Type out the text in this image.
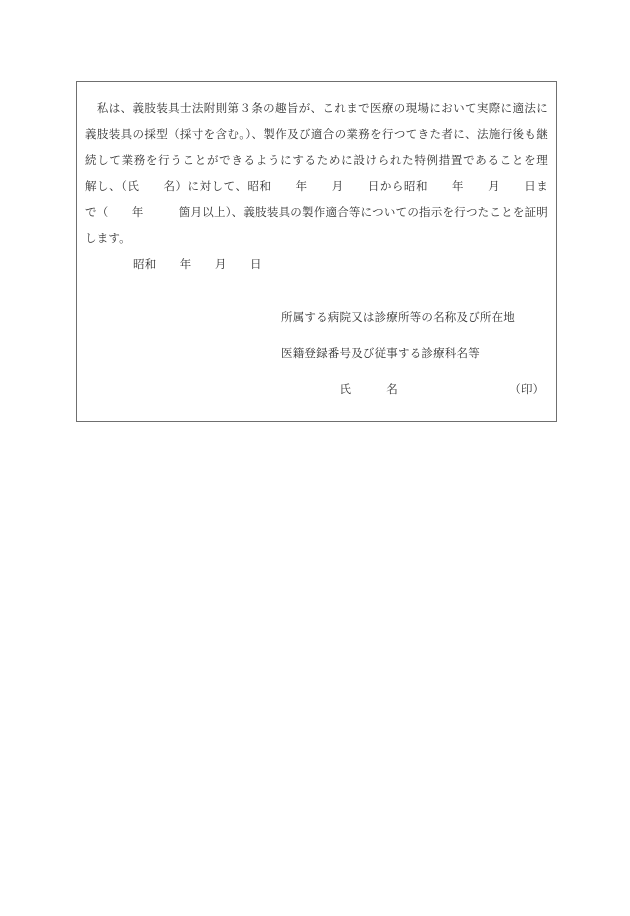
　私は、義肢装具士法附則第３条の趣旨が、これまで医療の現場において実際に適法に
義肢装具の採型（採寸を含む。）、製作及び適合の業務を行つてきた者に、法施行後も継
続して業務を行うことができるようにするために設けられた特例措置であることを理
解し、（氏　　名）に対して、昭和　　年　　月　　日から昭和　　年　　月　　日ま
で（　　年　　　箇月以上）、義肢装具の製作適合等についての指示を行つたことを証明
します。
昭和　　年　　月　　日
所属する病院又は診療所等の名称及び所在地
医籍登録番号及び従事する診療科名等
　　　　　氏　　　名　　　　　　　　　　（印）
